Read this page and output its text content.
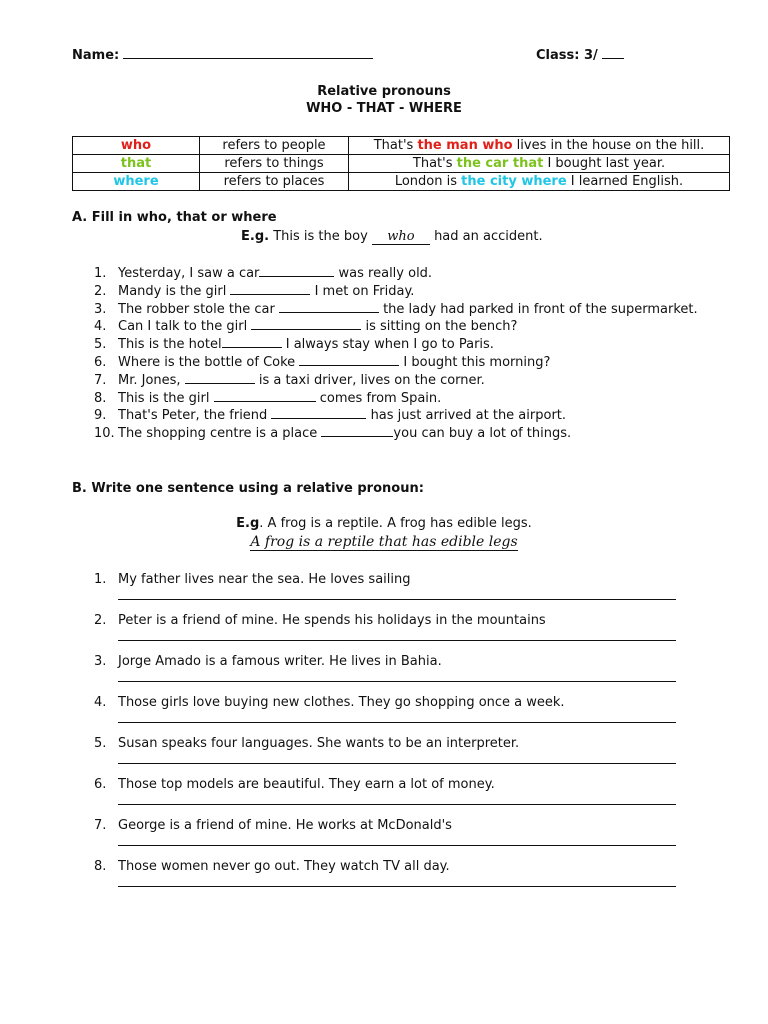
Name:	Class: 3/
Relative pronouns
WHO - THAT - WHERE
who	refers to people	That's the man who lives in the house on the hill.
that	refers to things	That's the car that I bought last year.
where	refers to places	London is the city where I learned English.
A. Fill in who, that or where
E.g. This is the boy who had an accident.
1. Yesterday, I saw a car	was really old.
2. Mandy is the girl	I met on Friday.
3. The robber stole the car	the lady had parked in front of the supermarket.
4. Can I talk to the girl	is sitting on the bench?
5. This is the hotel	I always stay when I go to Paris.
6. Where is the bottle of Coke	I bought this morning?
7. Mr. Jones,	is a taxi driver, lives on the corner.
8. This is the girl	comes from Spain.
9. That's Peter, the friend	has just arrived at the airport.
10. The shopping centre is a place	you can buy a lot of things.
B. Write one sentence using a relative pronoun:
E.g. A frog is a reptile. A frog has edible legs.
A frog is a reptile that has edible legs
1. My father lives near the sea. He loves sailing
2. Peter is a friend of mine. He spends his holidays in the mountains
3. Jorge Amado is a famous writer. He lives in Bahia.
4. Those girls love buying new clothes. They go shopping once a week.
5. Susan speaks four languages. She wants to be an interpreter.
6. Those top models are beautiful. They earn a lot of money.
7. George is a friend of mine. He works at McDonald's
8. Those women never go out. They watch TV all day.
